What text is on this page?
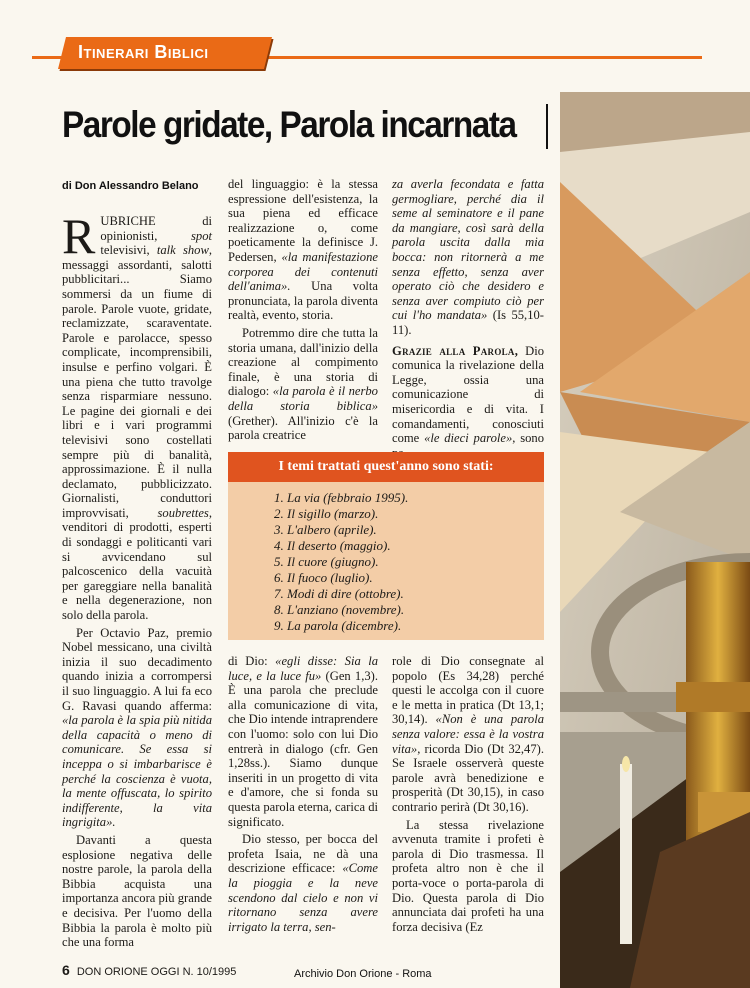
Itinerari Biblici
Parole gridate, Parola incarnata
di Don Alessandro Belano

RUBRICHE di opinionisti, spot televisivi, talk show, messaggi assordanti, salotti pubblicitari... Siamo sommersi da un fiume di parole. Parole vuote, gridate, reclamizzate, scaraventate. Parole e parolacce, spesso complicate, incomprensibili, insulse e perfino volgari. È una piena che tutto travolge senza risparmiare nessuno. Le pagine dei giornali e dei libri e i vari programmi televisivi sono costellati sempre più di banalità, approssimazione. È il nulla declamato, pubblicizzato. Giornalisti, conduttori improvvisati, soubrettes, venditori di prodotti, esperti di sondaggi e politicanti vari si avvicendano sul palcoscenico della vacuità per gareggiare nella banalità e nella degenerazione, non solo della parola.

Per Octavio Paz, premio Nobel messicano, una civiltà inizia il suo decadimento quando inizia a corrompersi il suo linguaggio. A lui fa eco G. Ravasi quando afferma: «la parola è la spia più nitida della capacità o meno di comunicare. Se essa si inceppa o si imbarbarisce è perché la coscienza è vuota, la mente offuscata, lo spirito indifferente, la vita ingrigita».

Davanti a questa esplosione negativa delle nostre parole, la parola della Bibbia acquista una importanza ancora più grande e decisiva. Per l'uomo della Bibbia la parola è molto più che una forma

del linguaggio: è la stessa espressione dell'esistenza, la sua piena ed efficace realizzazione o, come poeticamente la definisce J. Pedersen, «la manifestazione corporea dei contenuti dell'anima». Una volta pronunciata, la parola diventa realtà, evento, storia.

Potremmo dire che tutta la storia umana, dall'inizio della creazione al compimento finale, è una storia di dialogo: «la parola è il nerbo della storia biblica» (Grether). All'inizio c'è la parola creatrice

za averla fecondata e fatta germogliare, perché dia il seme al seminatore e il pane da mangiare, così sarà della parola uscita dalla mia bocca: non ritornerà a me senza effetto, senza aver operato ciò che desidero e senza aver compiuto ciò per cui l'ho mandata» (Is 55,10-11).

Grazie alla Parola, Dio comunica la rivelazione della Legge, ossia una comunicazione di misericordia e di vita. I comandamenti, conosciuti come «le dieci parole», sono

I temi trattati quest'anno sono stati:
1. La via (febbraio 1995).
2. Il sigillo (marzo).
3. L'albero (aprile).
4. Il deserto (maggio).
5. Il cuore (giugno).
6. Il fuoco (luglio).
7. Modi di dire (ottobre).
8. L'anziano (novembre).
9. La parola (dicembre).

di Dio: «egli disse: Sia la luce, e la luce fu» (Gen 1,3). È una parola che preclude alla comunicazione di vita, che Dio intende intraprendere con l'uomo: solo con lui Dio entrerà in dialogo (cfr. Gen 1,28ss.). Siamo dunque inseriti in un progetto di vita e d'amore, che si fonda su questa parola eterna, carica di significato.

Dio stesso, per bocca del profeta Isaia, ne dà una descrizione efficace: «Come la pioggia e la neve scendono dal cielo e non vi ritornano senza avere irrigato la terra, sen-

role di Dio consegnate al popolo (Es 34,28) perché questi le accolga con il cuore e le metta in pratica (Dt 13,1; 30,14). «Non è una parola senza valore: essa è la vostra vita», ricorda Dio (Dt 32,47). Se Israele osserverà queste parole avrà benedizione e prosperità (Dt 30,15), in caso contrario perirà (Dt 30,16).

La stessa rivelazione avvenuta tramite i profeti è parola di Dio trasmessa. Il profeta altro non è che il porta-voce o porta-parola di Dio. Questa parola di Dio annunciata dai profeti ha una forza decisiva (Ez

6 DON ORIONE OGGI N. 10/1995	Archivio Don Orione - Roma
